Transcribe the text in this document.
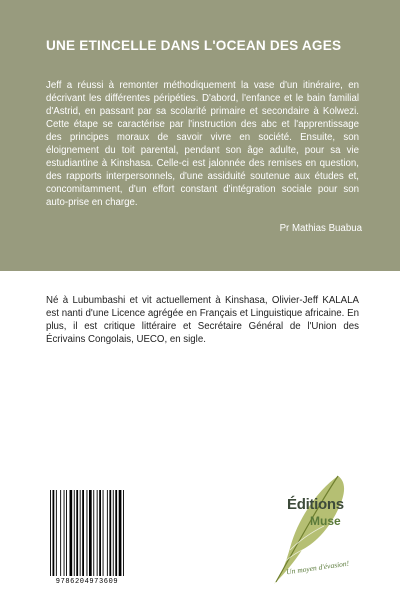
UNE ETINCELLE DANS L'OCEAN DES AGES

Jeff a réussi à remonter méthodiquement la vase d'un itinéraire, en décrivant les différentes péripéties. D'abord, l'enfance et le bain familial d'Astrid, en passant par sa scolarité primaire et secondaire à Kolwezi. Cette étape se caractérise par l'instruction des abc et l'apprentissage des principes moraux de savoir vivre en société. Ensuite, son éloignement du toit parental, pendant son âge adulte, pour sa vie estudiantine à Kinshasa. Celle-ci est jalonnée des remises en question, des rapports interpersonnels, d'une assiduité soutenue aux études et, concomitamment, d'un effort constant d'intégration sociale pour son auto-prise en charge.

Pr Mathias Buabua

Né à Lubumbashi et vit actuellement à Kinshasa, Olivier-Jeff KALALA est nanti d'une Licence agrégée en Français et Linguistique africaine. En plus, il est critique littéraire et Secrétaire Général de l'Union des Écrivains Congolais, UECO, en sigle.

9786204973609
Éditions
Muse
Un moyen d'évasion!
